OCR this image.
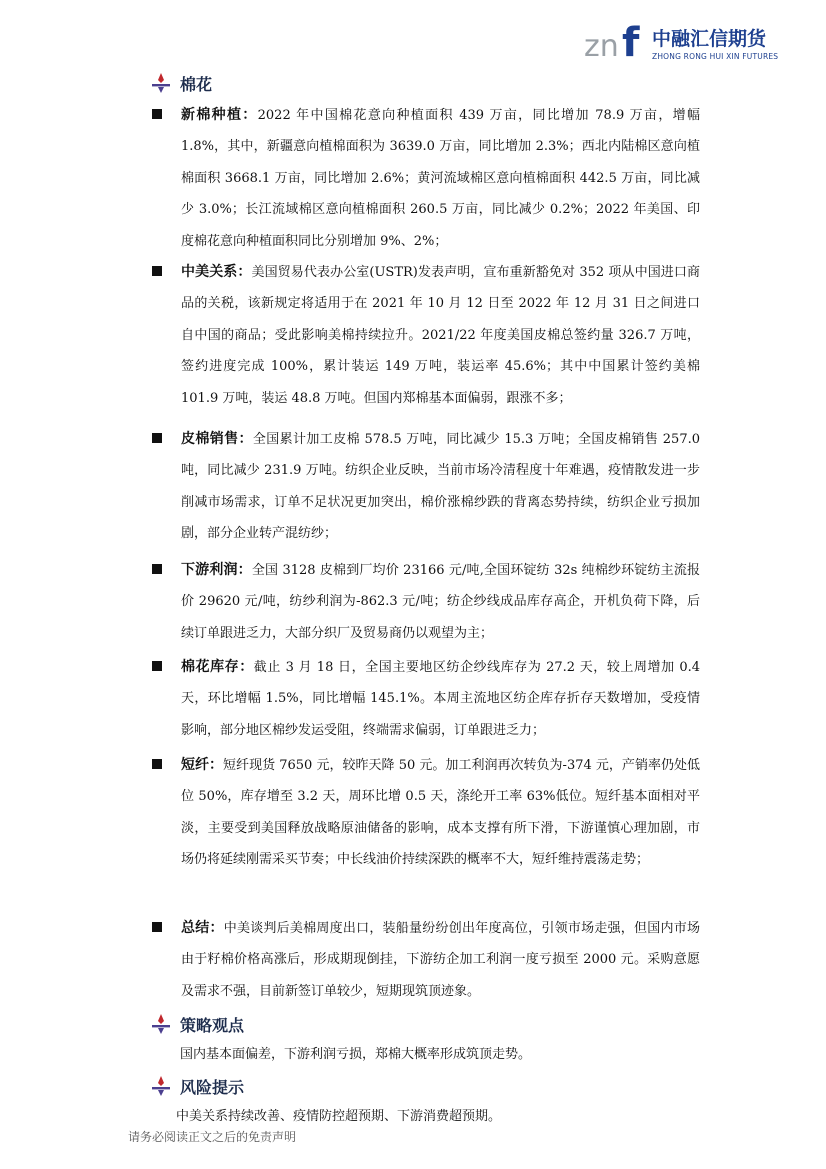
zn f 中融汇信期货
ZHONG RONG HUI XIN FUTURES
棉花
新棉种植：2022 年中国棉花意向种植面积 439 万亩，同比增加 78.9 万亩，增幅 1.8%，其中，新疆意向植棉面积为 3639.0 万亩，同比增加 2.3%；西北内陆棉区意向植棉面积 3668.1 万亩，同比增加 2.6%；黄河流域棉区意向植棉面积 442.5 万亩，同比减少 3.0%；长江流域棉区意向植棉面积 260.5 万亩，同比减少 0.2%；2022 年美国、印度棉花意向种植面积同比分别增加 9%、2%；
中美关系：美国贸易代表办公室(USTR)发表声明，宣布重新豁免对 352 项从中国进口商品的关税，该新规定将适用于在 2021 年 10 月 12 日至 2022 年 12 月 31 日之间进口自中国的商品；受此影响美棉持续拉升。2021/22 年度美国皮棉总签约量 326.7 万吨，签约进度完成 100%，累计装运 149 万吨，装运率 45.6%；其中中国累计签约美棉 101.9 万吨，装运 48.8 万吨。但国内郑棉基本面偏弱，跟涨不多；
皮棉销售：全国累计加工皮棉 578.5 万吨，同比减少 15.3 万吨；全国皮棉销售 257.0 吨，同比减少 231.9 万吨。纺织企业反映，当前市场冷清程度十年难遇，疫情散发进一步削减市场需求，订单不足状况更加突出，棉价涨棉纱跌的背离态势持续，纺织企业亏损加剧，部分企业转产混纺纱；
下游利润：全国 3128 皮棉到厂均价 23166 元/吨,全国环锭纺 32s 纯棉纱环锭纺主流报价 29620 元/吨，纺纱利润为-862.3 元/吨；纺企纱线成品库存高企，开机负荷下降，后续订单跟进乏力，大部分织厂及贸易商仍以观望为主；
棉花库存：截止 3 月 18 日，全国主要地区纺企纱线库存为 27.2 天，较上周增加 0.4 天，环比增幅 1.5%，同比增幅 145.1%。本周主流地区纺企库存折存天数增加，受疫情影响，部分地区棉纱发运受阻，终端需求偏弱，订单跟进乏力；
短纤：短纤现货 7650 元，较昨天降 50 元。加工利润再次转负为-374 元，产销率仍处低位 50%，库存增至 3.2 天，周环比增 0.5 天，涤纶开工率 63%低位。短纤基本面相对平淡，主要受到美国释放战略原油储备的影响，成本支撑有所下滑，下游谨慎心理加剧，市场仍将延续刚需采买节奏；中长线油价持续深跌的概率不大，短纤维持震荡走势；
总结：中美谈判后美棉周度出口，装船量纷纷创出年度高位，引领市场走强，但国内市场由于籽棉价格高涨后，形成期现倒挂，下游纺企加工利润一度亏损至 2000 元。采购意愿及需求不强，目前新签订单较少，短期现筑顶迹象。
策略观点
国内基本面偏差，下游利润亏损，郑棉大概率形成筑顶走势。
风险提示
中美关系持续改善、疫情防控超预期、下游消费超预期。
请务必阅读正文之后的免责声明
